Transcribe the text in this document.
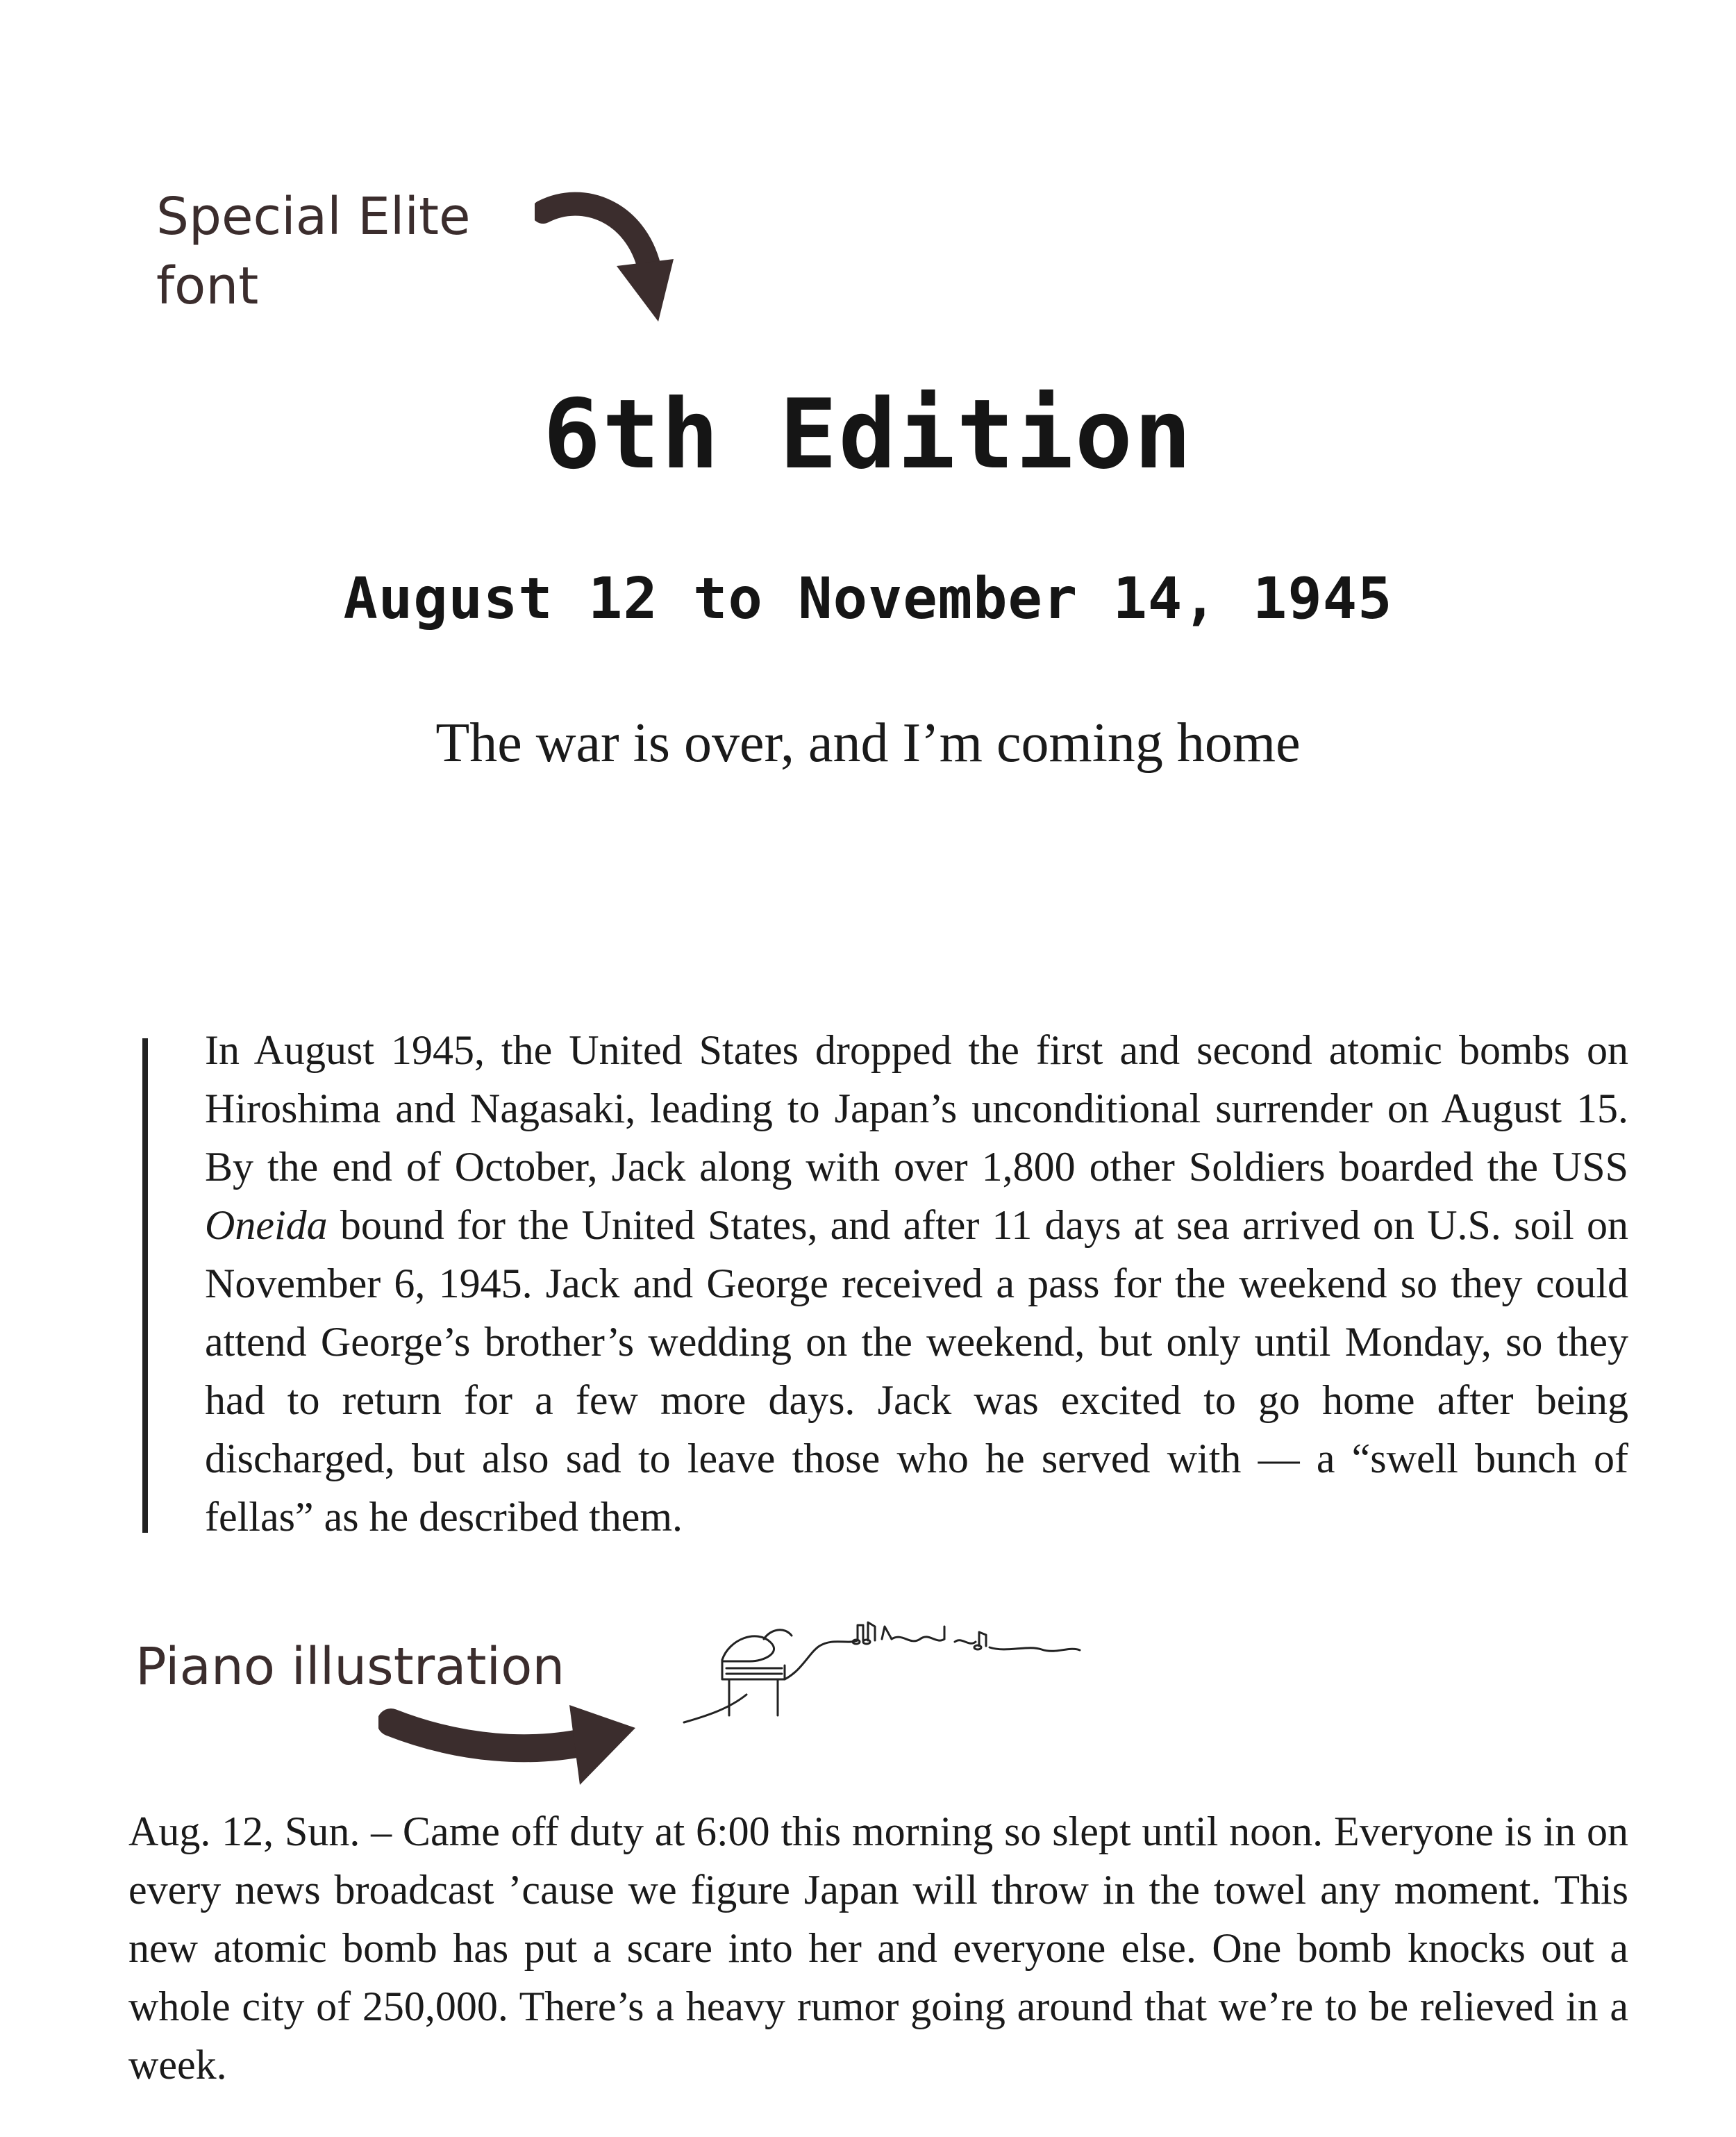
Special Elite
font
6th Edition
August 12 to November 14, 1945
The war is over, and I’m coming home
In August 1945, the United States dropped the first and second atomic bombs on Hiroshima and Nagasaki, leading to Japan’s unconditional surrender on August 15. By the end of October, Jack along with over 1,800 other Soldiers boarded the USS Oneida bound for the United States, and after 11 days at sea arrived on U.S. soil on November 6, 1945. Jack and George received a pass for the weekend so they could attend George’s brother’s wedding on the weekend, but only until Monday, so they had to return for a few more days. Jack was excited to go home after being discharged, but also sad to leave those who he served with — a “swell bunch of fellas” as he described them.
Piano illustration
Aug. 12, Sun. – Came off duty at 6:00 this morning so slept until noon. Everyone is in on every news broadcast ’cause we figure Japan will throw in the towel any moment. This new atomic bomb has put a scare into her and everyone else. One bomb knocks out a whole city of 250,000. There’s a heavy rumor going around that we’re to be relieved in a week.
